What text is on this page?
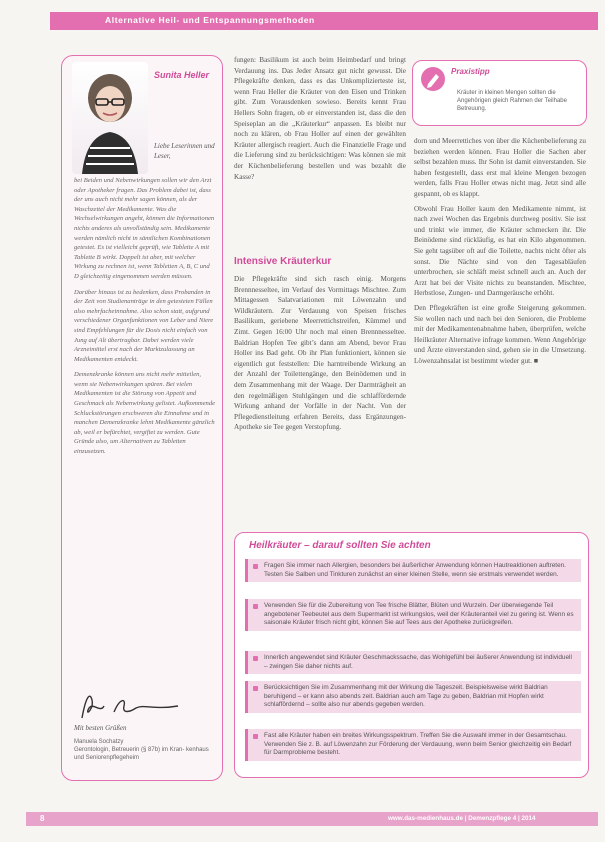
Alternative Heil- und Entspannungsmethoden
Sunita Heller
Liebe Leserinnen und Leser,

bei Beiden und Nebenwirkungen sollen wir den Arzt oder Apotheker fragen. Das Problem dabei ist, dass der uns auch nicht mehr sagen können, als der Waschzettel der Medikamente. Was die Wechselwirkungen angeht, können die Informationen nichts anderes als unvollständig sein. Medikamente werden nämlich nicht in sämtlichen Kombinationen getestet. Es ist vielleicht geprüft, wie Tablette A mit Tablette B wirkt. Doppelt ist aber, mit welcher Wirkung zu rechnen ist, wenn Tabletten A, B, C und D gleichzeitig eingenommen werden müssen.

Darüber hinaus ist zu bedenken, dass Probanden in der Zeit von Studienanträge in den getesteten Fällen also mehrfacheinnahme. Also schon statt, aufgrund verschiedener Organfunktionen von Leber und Niere sind Empfehlungen für die Dosis nicht einfach von Jung auf Alt übertragbar. Dabei werden viele Arzneimittel erst nach der Marktzulassung an Medikamenten entdeckt.

Demenzkranke können uns nicht mehr mitteilen, wenn sie Nebenwirkungen spüren. Bei vielen Medikamenten ist die Störung von Appetit und Geschmack als Nebenwirkung gelistet. Aufkommende Schluckstörungen erschweren die Einnahme und in manchen Demenzkranke lehnt Medikamente gänzlich ab, weil er befürchtet, vergiftet zu werden. Gute Gründe also, um Alternativen zu Tabletten einzusetzen.

Mit besten Grüßen
Manuela Sochatzy
Gerontologin, Betreuerin (§ 87b) im Kran- kenhaus und Seniorenpflegeheim

fungen: Basilikum ist auch beim Heimbedarf und bringt Verdauung ins. Das Jeder Ansatz gut nicht gewusst. Die Pflegekräfte denken, dass es das Unkomplizierteste ist, wenn Frau Heller die Kräuter von den Eisen und Trinken gibt. Zum Vorausdenken sowieso. Bereits kennt Frau Hellers Sohn fragen, ob er einverstanden ist, dass die den Speiseplan an die „Kräuterkur“ anpassen. Es bleibt nur noch zu klären, ob Frau Holler auf einen der gewählten Kräuter allergisch reagiert. Auch die Finanzielle Frage und die Lieferung sind zu berücksichtigen: Was können sie mit der Küchenbelieferung bestellen und was bezahlt die Kasse?

Intensive Kräuterkur

Die Pflegekräfte sind sich rasch einig. Morgens Brennnesseltee, im Verlauf des Vormittags Mischtee. Zum Mittagessen Salatvariationen mit Löwenzahn und Wildkräutern. Zur Verdauung von Speisen frisches Basilikum, geriebene Meerrettichstreifen, Kümmel und Zimt. Gegen 16:00 Uhr noch mal einen Brennnesseltee. Baldrian Hopfen Tee gibt’s dann am Abend, bevor Frau Holler ins Bad geht. Ob ihr Plan funktioniert, können sie eigentlich gut feststellen: Die harntreibende Wirkung an der Anzahl der Toilettengänge, den Beinödemen und in dem Zusammenhang mit der Waage. Der Darmträgheit an den regelmäßigen Stuhlgängen und die schlaffördernde Wirkung anhand der Vorfälle in der Nacht. Von der Pflegedienstleitung erfahren Bereits, dass Ergänzungen-Apotheke sie Tee gegen Verstopfung.

Praxistipp
Kräuter in kleinen Mengen sollten die Angehörigen gleich Rahmen der Teilhabe Betreuung.

dorn und Meerrettiches von über die Küchenbelieferung zu beziehen werden können. Frau Holler die Sachen aber selbst bezahlen muss. Ihr Sohn ist damit einverstanden. Sie haben festgestellt, dass erst mal kleine Mengen bezogen werden, falls Frau Holler etwas nicht mag. Jetzt sind alle gespannt, ob es klappt.

Obwohl Frau Holler kaum den Medikamente nimmt, ist nach zwei Wochen das Ergebnis durchweg positiv. Sie isst und trinkt wie immer, die Kräuter schmecken ihr. Die Beinödeme sind rückläufig, es hat ein Kilo abgenommen. Sie geht tagsüber oft auf die Toilette, nachts nicht öfter als sonst. Die Nächte sind von den Tagesabläufen unterbrochen, sie schläft meist schnell auch an. Auch der Arzt hat bei der Visite nichts zu beanstanden. Mischtee, Herbstlose, Zungen- und Darmgeräusche erhöht.

Den Pflegekräften ist eine große Steigerung gekommen. Sie wollen nach und nach bei den Senioren, die Probleme mit der Medikamentenabnahme haben, überprüfen, welche Heilkräuter Alternative infrage kommen. Wenn Angehörige und Ärzte einverstanden sind, gehen sie in die Umsetzung. Löwenzahnsalat ist bestimmt wieder gut. ■

Heilkräuter – darauf sollten Sie achten
Fragen Sie immer nach Allergien, besonders bei äußerlicher Anwendung können Hautreaktionen auftreten. Testen Sie Salben und Tinkturen zunächst an einer kleinen Stelle, wenn sie erstmals verwendet werden.
Verwenden Sie für die Zubereitung von Tee frische Blätter, Blüten und Wurzeln. Der überwiegende Teil angebotener Teebeutel aus dem Supermarkt ist wirkungslos, weil der Kräuteranteil viel zu gering ist. Wenn es saisonale Kräuter frisch nicht gibt, können Sie auf Tees aus der Apotheke zurückgreifen.
Innerlich angewendet sind Kräuter Geschmackssache, das Wohlgefühl bei äußerer Anwendung ist individuell – zwingen Sie daher nichts auf.
Berücksichtigen Sie im Zusammenhang mit der Wirkung die Tageszeit. Beispielsweise wirkt Baldrian beruhigend – er kann also abends zeit. Baldrian auch am Tage zu geben, Baldrian mit Hopfen wirkt schlaffördernd – sollte also nur abends gegeben werden.
Fast alle Kräuter haben ein breites Wirkungsspektrum. Treffen Sie die Auswahl immer in der Gesamtschau. Verwenden Sie z. B. auf Löwenzahn zur Förderung der Verdauung, wenn beim Senior gleichzeitig ein Bedarf für Darmprobleme besteht.
8	www.das-medienhaus.de | Demenzpflege 4 | 2014
